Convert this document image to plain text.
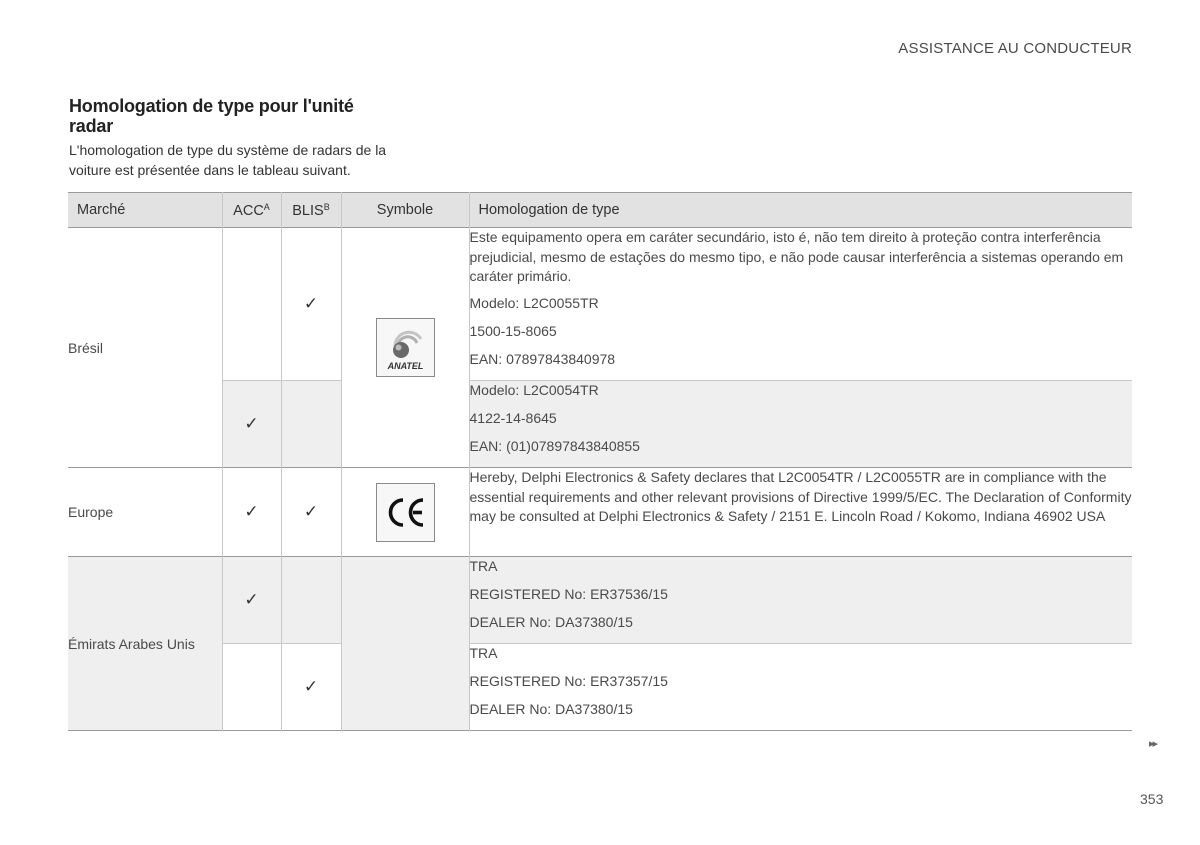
ASSISTANCE AU CONDUCTEUR
Homologation de type pour l'unité radar

L'homologation de type du système de radars de la voiture est présentée dans le tableau suivant.

Marché	$ACC^A$	$BLIS^B$	Symbole	Homologation de type
Brésil		✓	ANATEL	Este equipamento opera em caráter secundário, isto é, não tem direito à proteção contra interferência prejudicial, mesmo de estações do mesmo tipo, e não pode causar interferência a sistemas operando em caráter primário.

Modelo: L2C0055TR

1500-15-8065

EAN: 07897843840978

	✓			Modelo: L2C0054TR

4122-14-8645

EAN: (01)07897843840855

Europe	✓	✓		Hereby, Delphi Electronics & Safety declares that L2C0054TR / L2C0055TR are in compliance with the essential requirements and other relevant provisions of Directive 1999/5/EC. The Declaration of Conformity may be consulted at Delphi Electronics & Safety / 2151 E. Lincoln Road / Kokomo, Indiana 46902 USA

Émirats Arabes Unis	✓			TRA

REGISTERED No: ER37536/15

DEALER No: DA37380/15

		✓		TRA

REGISTERED No: ER37357/15

DEALER No: DA37380/15

▸▸
353
